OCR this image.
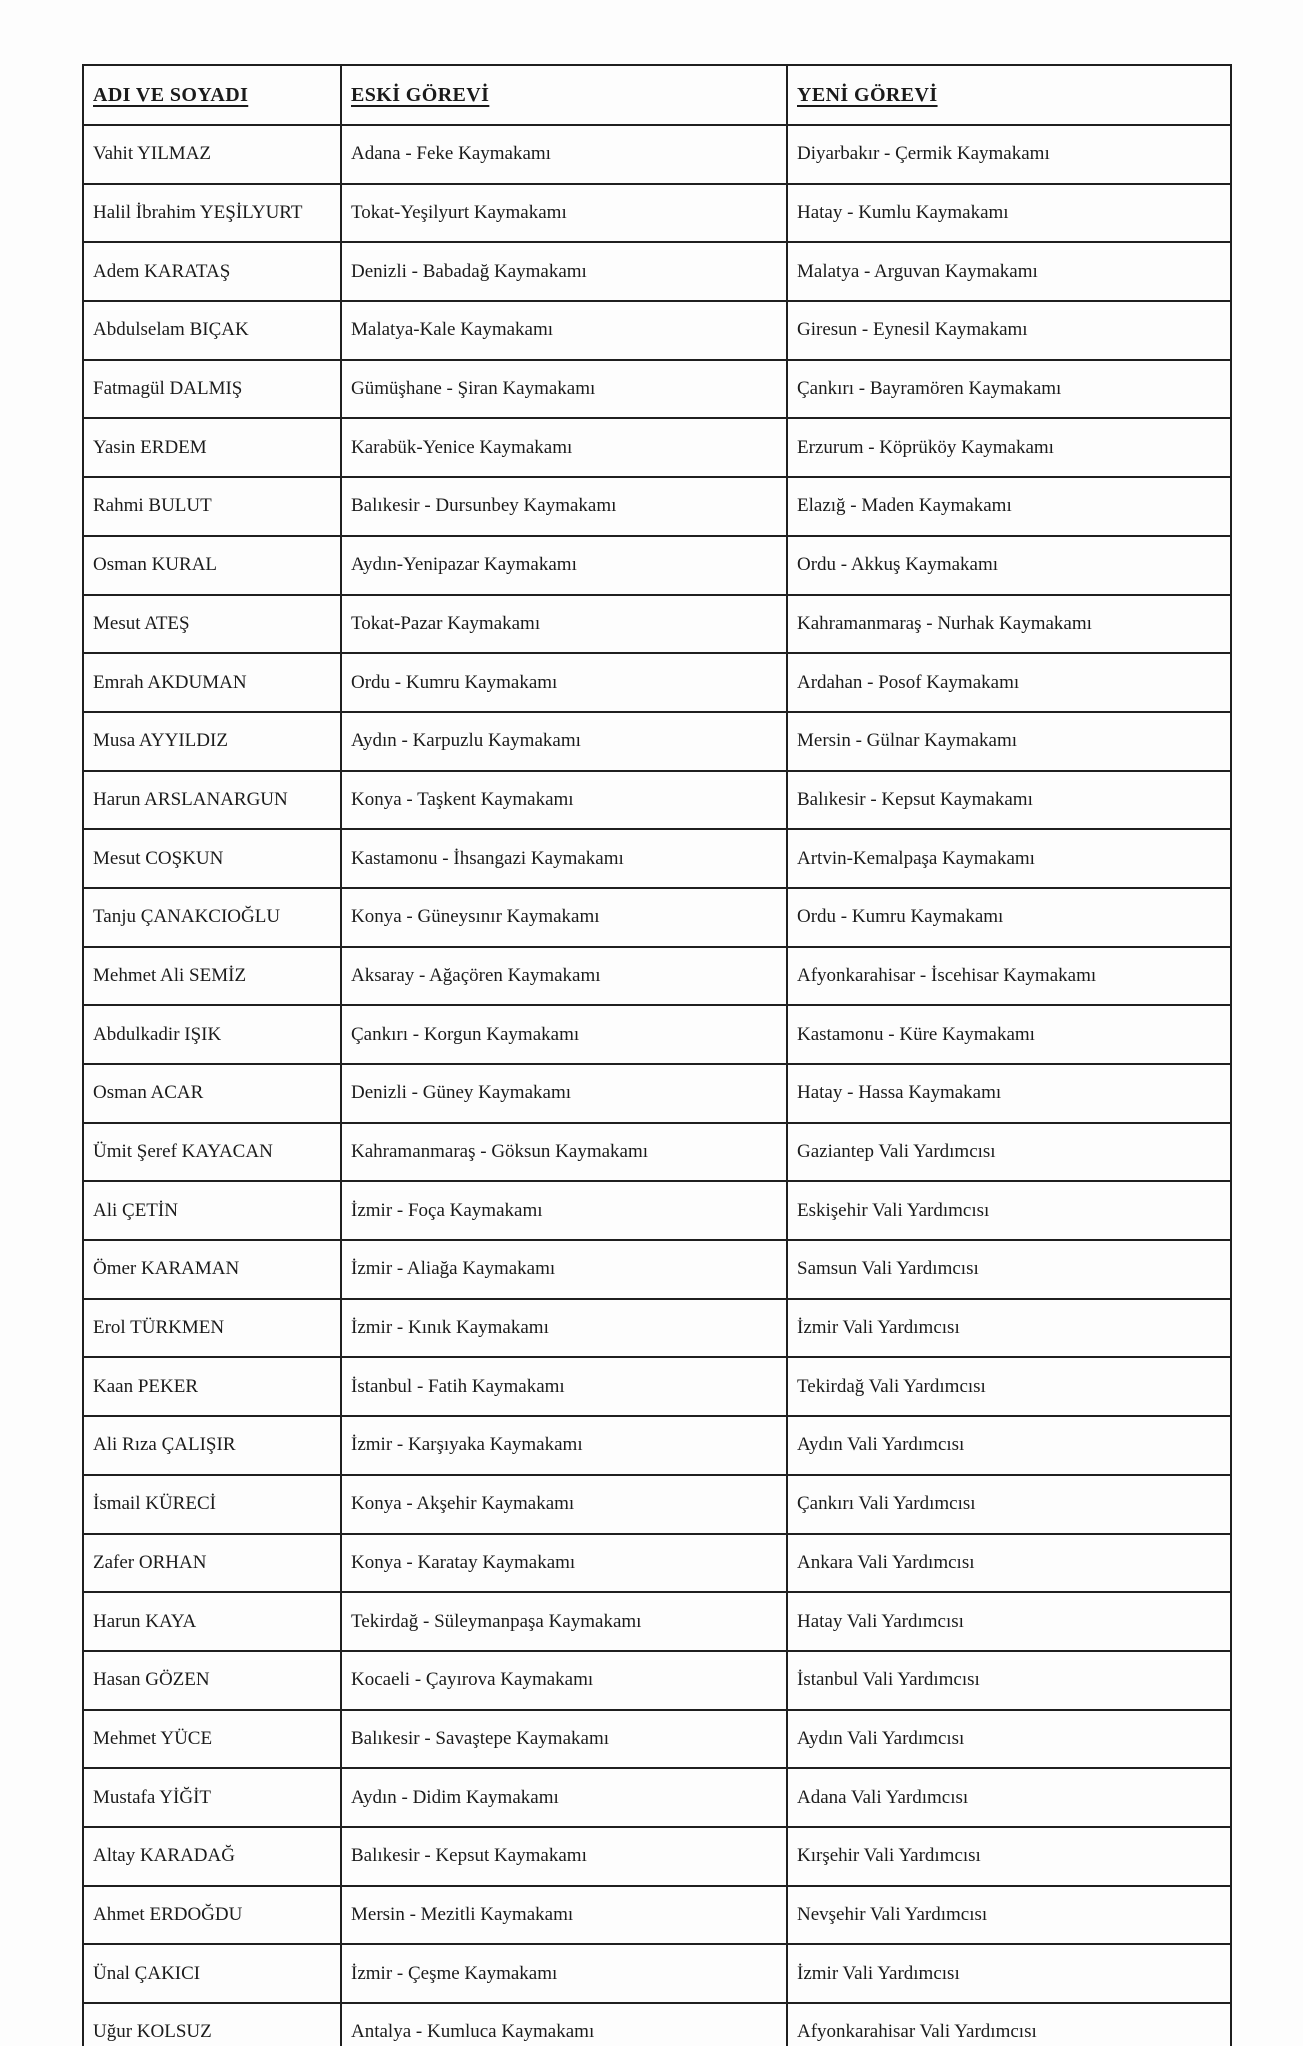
ADI VE SOYADI	ESKİ GÖREVİ	YENİ GÖREVİ
Vahit YILMAZ	Adana - Feke Kaymakamı	Diyarbakır - Çermik Kaymakamı
Halil İbrahim YEŞİLYURT	Tokat-Yeşilyurt Kaymakamı	Hatay - Kumlu Kaymakamı
Adem KARATAŞ	Denizli - Babadağ Kaymakamı	Malatya - Arguvan Kaymakamı
Abdulselam BIÇAK	Malatya-Kale Kaymakamı	Giresun - Eynesil Kaymakamı
Fatmagül DALMIŞ	Gümüşhane - Şiran Kaymakamı	Çankırı - Bayramören Kaymakamı
Yasin ERDEM	Karabük-Yenice Kaymakamı	Erzurum - Köprüköy Kaymakamı
Rahmi BULUT	Balıkesir - Dursunbey Kaymakamı	Elazığ - Maden Kaymakamı
Osman KURAL	Aydın-Yenipazar Kaymakamı	Ordu - Akkuş Kaymakamı
Mesut ATEŞ	Tokat-Pazar Kaymakamı	Kahramanmaraş - Nurhak Kaymakamı
Emrah AKDUMAN	Ordu - Kumru Kaymakamı	Ardahan - Posof Kaymakamı
Musa AYYILDIZ	Aydın - Karpuzlu Kaymakamı	Mersin - Gülnar Kaymakamı
Harun ARSLANARGUN	Konya - Taşkent Kaymakamı	Balıkesir - Kepsut Kaymakamı
Mesut COŞKUN	Kastamonu - İhsangazi Kaymakamı	Artvin-Kemalpaşa Kaymakamı
Tanju ÇANAKCIOĞLU	Konya - Güneysınır Kaymakamı	Ordu - Kumru Kaymakamı
Mehmet Ali SEMİZ	Aksaray - Ağaçören Kaymakamı	Afyonkarahisar - İscehisar Kaymakamı
Abdulkadir IŞIK	Çankırı - Korgun Kaymakamı	Kastamonu - Küre Kaymakamı
Osman ACAR	Denizli - Güney Kaymakamı	Hatay - Hassa Kaymakamı
Ümit Şeref KAYACAN	Kahramanmaraş - Göksun Kaymakamı	Gaziantep Vali Yardımcısı
Ali ÇETİN	İzmir - Foça Kaymakamı	Eskişehir Vali Yardımcısı
Ömer KARAMAN	İzmir - Aliağa Kaymakamı	Samsun Vali Yardımcısı
Erol TÜRKMEN	İzmir - Kınık Kaymakamı	İzmir Vali Yardımcısı
Kaan PEKER	İstanbul - Fatih Kaymakamı	Tekirdağ Vali Yardımcısı
Ali Rıza ÇALIŞIR	İzmir - Karşıyaka Kaymakamı	Aydın Vali Yardımcısı
İsmail KÜRECİ	Konya - Akşehir Kaymakamı	Çankırı Vali Yardımcısı
Zafer ORHAN	Konya - Karatay Kaymakamı	Ankara Vali Yardımcısı
Harun KAYA	Tekirdağ - Süleymanpaşa Kaymakamı	Hatay Vali Yardımcısı
Hasan GÖZEN	Kocaeli - Çayırova Kaymakamı	İstanbul Vali Yardımcısı
Mehmet YÜCE	Balıkesir - Savaştepe Kaymakamı	Aydın Vali Yardımcısı
Mustafa YİĞİT	Aydın - Didim Kaymakamı	Adana Vali Yardımcısı
Altay KARADAĞ	Balıkesir - Kepsut Kaymakamı	Kırşehir Vali Yardımcısı
Ahmet ERDOĞDU	Mersin - Mezitli Kaymakamı	Nevşehir Vali Yardımcısı
Ünal ÇAKICI	İzmir - Çeşme Kaymakamı	İzmir Vali Yardımcısı
Uğur KOLSUZ	Antalya - Kumluca Kaymakamı	Afyonkarahisar Vali Yardımcısı
